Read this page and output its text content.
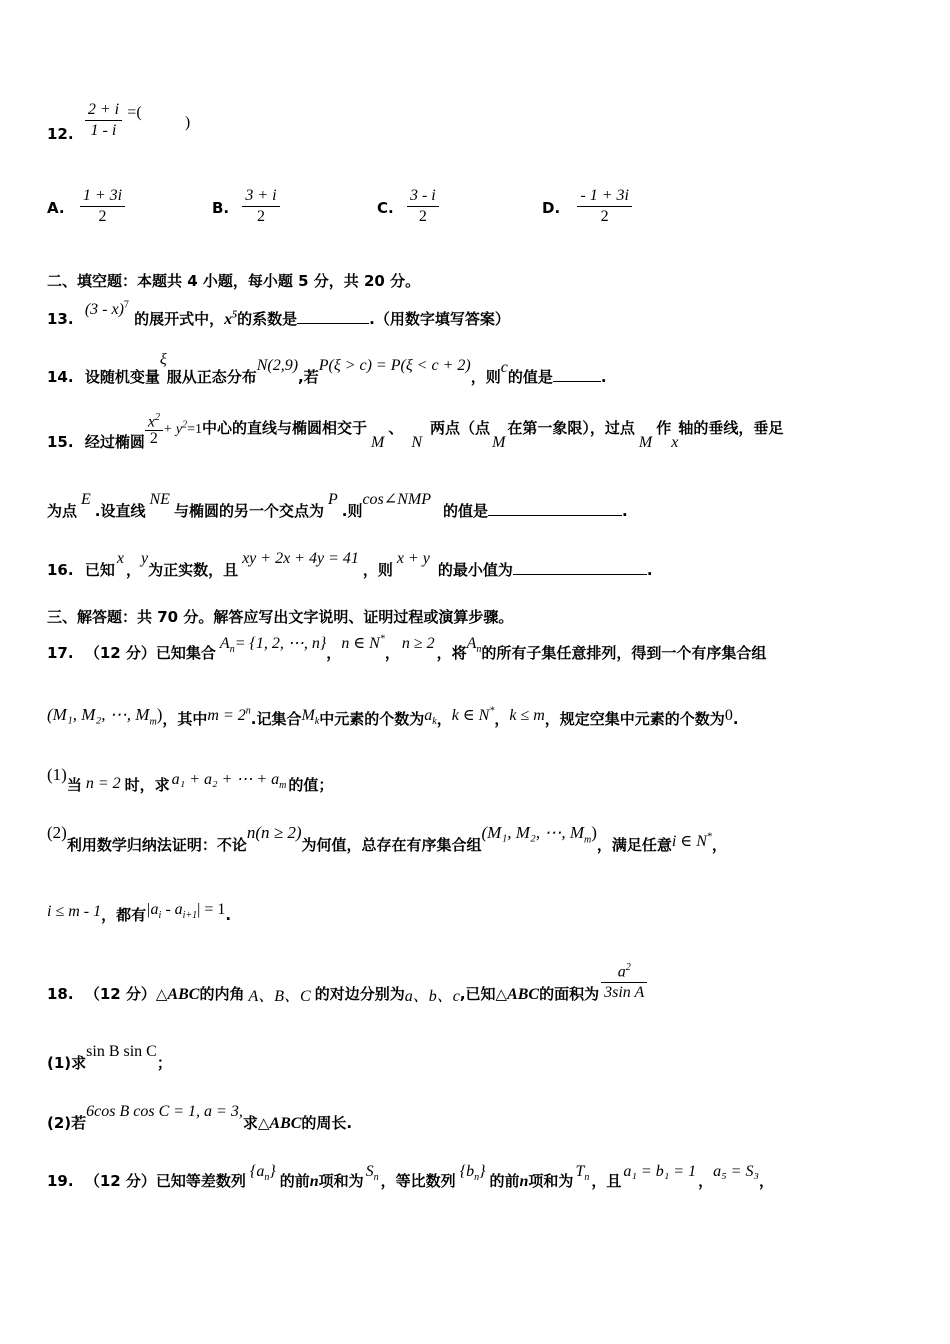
12. $\frac{2 + i}{1 - i}$ =( )
A. $\frac{1 + 3i}{2}$	B. $\frac{3 + i}{2}$	C. $\frac{3 - i}{2}$	D. $\frac{- 1 + 3i}{2}$
二、填空题：本题共 4 小题，每小题 5 分，共 20 分。
13. (3 - x)$^7$ 的展开式中，$x^5$的系数是	.（用数字填写答案）
14. 设随机变量ξ服从正态分布N(2,9),若P(ξ > c) = P(ξ < c + 2)，则c的值是	.
15. 经过椭圆 $\frac{x^2}{2} + y^2=1$中心的直线与椭圆相交于M、N两点（点M在第一象限），过点M作x轴的垂线，垂足
为点E.设直线NE与椭圆的另一个交点为P.则cos∠NMP的值是	.
16. 已知x，y为正实数，且xy + 2x + 4y = 41，则x + y的最小值为	.
三、解答题：共 70 分。解答应写出文字说明、证明过程或演算步骤。
17. （12 分）已知集合$A_n= \{1$, 2, ⋯, n}，n ∈ N*，n ≥ 2，将$A_n$的所有子集任意排列，得到一个有序集合组
(M₁, M₂, ⋯, $M_m$)，其中$m = 2^n$.记集合$M_k$中元素的个数为$a_k$，k ∈ N*，k ≤ m，规定空集中元素的个数为0.
(1)当 n = 2 时，求 a₁ + a₂ + ⋯ + $a_m$ 的值；
(2)利用数学归纳法证明：不论n(n ≥ 2)为何值，总存在有序集合组(M₁, M₂, ⋯, $M_m$)，满足任意i ∈ N*，
i ≤ m - 1，都有$|a_i - a_{i+1}| = 1$.
18. （12 分）△ABC的内角 A、B、C 的对边分别为a、b、c,已知△ABC的面积为 $\frac{a^2}{\text{3sin A}}$
(1)求sin B sin C；
(2)若6cos B cos C = 1, a = 3,求△ABC的周长.
19. （12 分）已知等差数列$\{a_n\}$的前n项和为$S_n$ ，等比数列$\{b_n\}$的前n项和为$T_n$ ，且a₁ = b₁ = 1，a₅ = S₃，
